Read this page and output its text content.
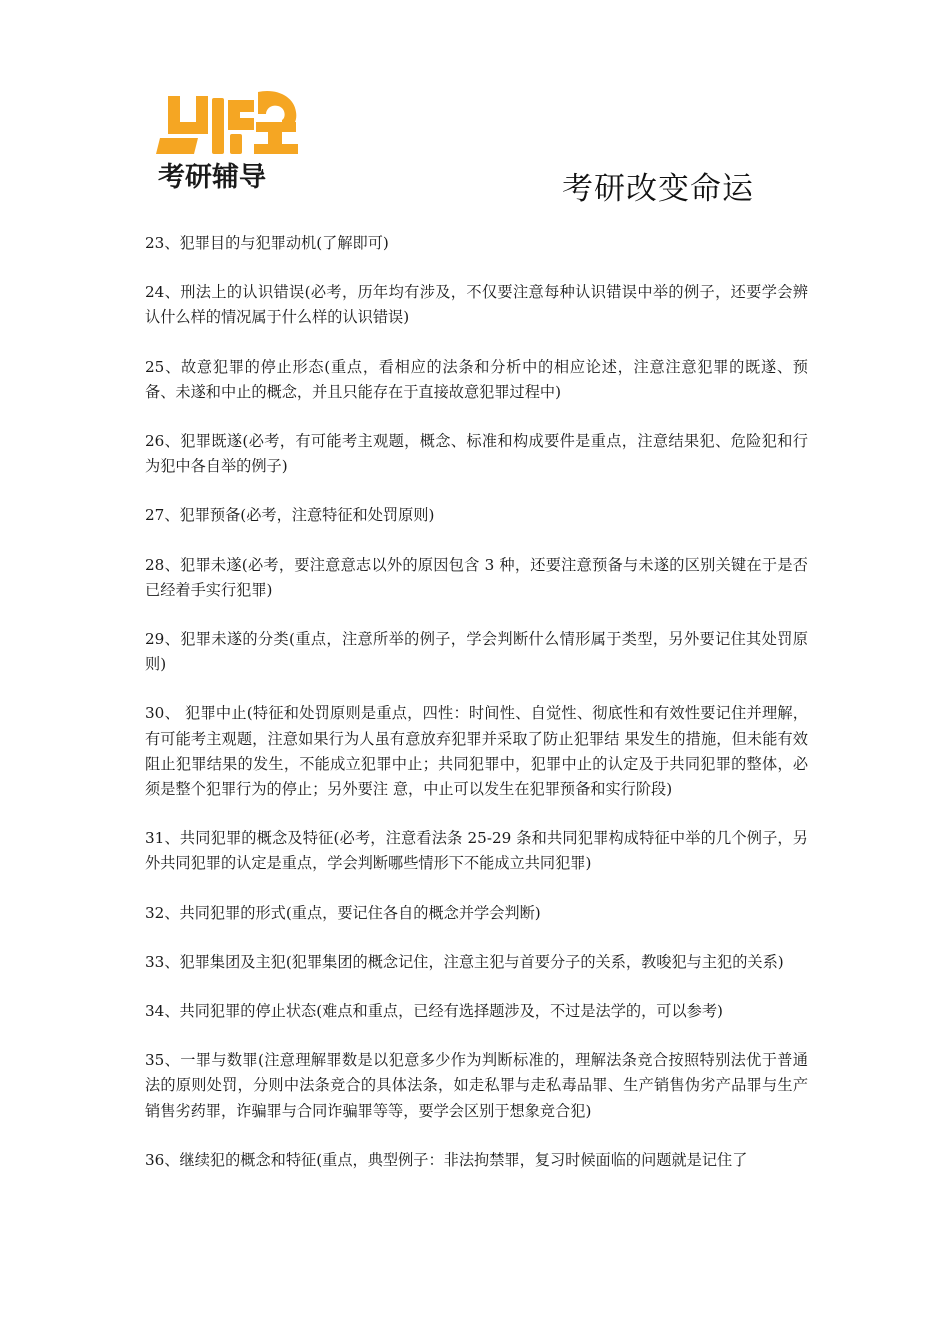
考研辅导	考研改变命运

23、犯罪目的与犯罪动机(了解即可)

24、刑法上的认识错误(必考，历年均有涉及，不仅要注意每种认识错误中举的例子，还要学会辨认什么样的情况属于什么样的认识错误)

25、故意犯罪的停止形态(重点，看相应的法条和分析中的相应论述，注意注意犯罪的既遂、预备、未遂和中止的概念，并且只能存在于直接故意犯罪过程中)

26、犯罪既遂(必考，有可能考主观题，概念、标准和构成要件是重点，注意结果犯、危险犯和行为犯中各自举的例子)

27、犯罪预备(必考，注意特征和处罚原则)

28、犯罪未遂(必考，要注意意志以外的原因包含 3 种，还要注意预备与未遂的区别关键在于是否已经着手实行犯罪)

29、犯罪未遂的分类(重点，注意所举的例子，学会判断什么情形属于类型，另外要记住其处罚原则)

30、 犯罪中止(特征和处罚原则是重点，四性：时间性、自觉性、彻底性和有效性要记住并理解，有可能考主观题，注意如果行为人虽有意放弃犯罪并采取了防止犯罪结 果发生的措施，但未能有效阻止犯罪结果的发生，不能成立犯罪中止；共同犯罪中，犯罪中止的认定及于共同犯罪的整体，必须是整个犯罪行为的停止；另外要注 意，中止可以发生在犯罪预备和实行阶段)

31、共同犯罪的概念及特征(必考，注意看法条 25-29 条和共同犯罪构成特征中举的几个例子，另外共同犯罪的认定是重点，学会判断哪些情形下不能成立共同犯罪)

32、共同犯罪的形式(重点，要记住各自的概念并学会判断)

33、犯罪集团及主犯(犯罪集团的概念记住，注意主犯与首要分子的关系，教唆犯与主犯的关系)

34、共同犯罪的停止状态(难点和重点，已经有选择题涉及，不过是法学的，可以参考)

35、一罪与数罪(注意理解罪数是以犯意多少作为判断标准的，理解法条竞合按照特别法优于普通法的原则处罚，分则中法条竞合的具体法条，如走私罪与走私毒品罪、生产销售伪劣产品罪与生产销售劣药罪，诈骗罪与合同诈骗罪等等，要学会区别于想象竞合犯)

36、继续犯的概念和特征(重点，典型例子：非法拘禁罪，复习时候面临的问题就是记住了
